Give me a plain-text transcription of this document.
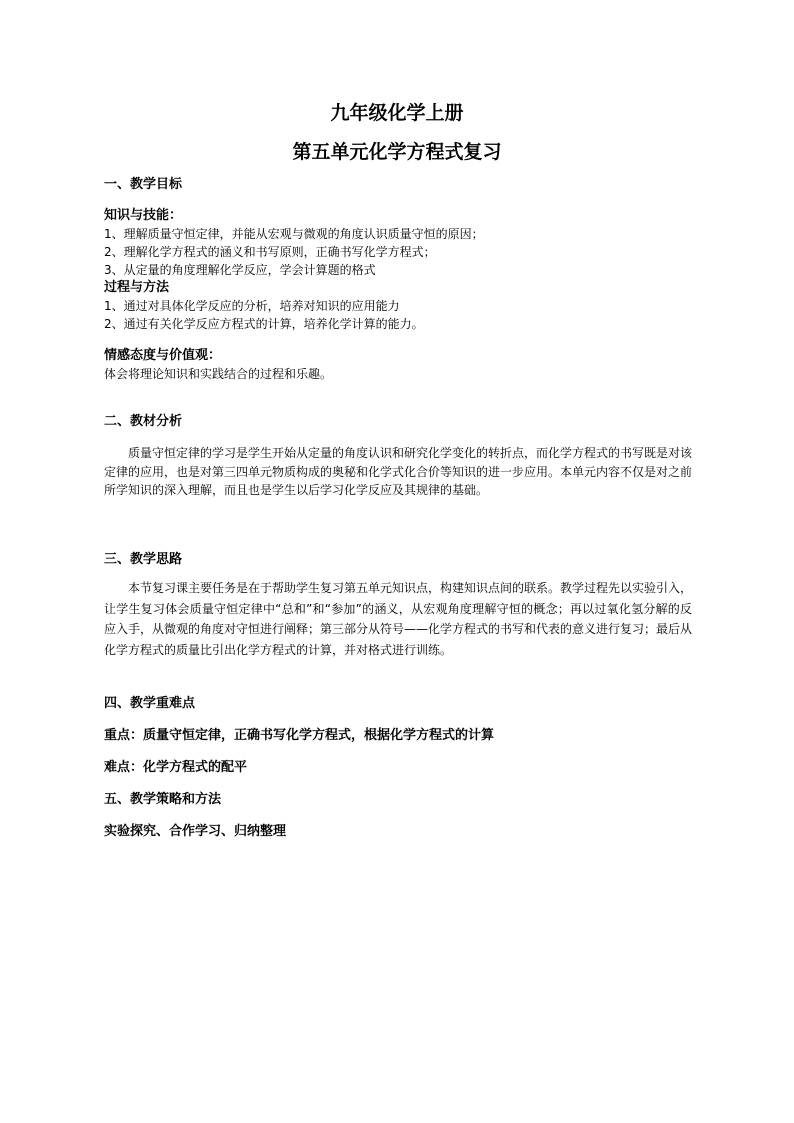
九年级化学上册
第五单元化学方程式复习
一、教学目标
知识与技能：
1、理解质量守恒定律，并能从宏观与微观的角度认识质量守恒的原因；
2、理解化学方程式的涵义和书写原则，正确书写化学方程式；
3、从定量的角度理解化学反应，学会计算题的格式
过程与方法
1、通过对具体化学反应的分析，培养对知识的应用能力
2、通过有关化学反应方程式的计算，培养化学计算的能力。
情感态度与价值观：
体会将理论知识和实践结合的过程和乐趣。
二、教材分析

质量守恒定律的学习是学生开始从定量的角度认识和研究化学变化的转折点，而化学方程式的书写既是对该定律的应用，也是对第三四单元物质构成的奥秘和化学式化合价等知识的进一步应用。本单元内容不仅是对之前所学知识的深入理解，而且也是学生以后学习化学反应及其规律的基础。

三、教学思路

本节复习课主要任务是在于帮助学生复习第五单元知识点，构建知识点间的联系。教学过程先以实验引入，让学生复习体会质量守恒定律中“总和”和“参加”的涵义，从宏观角度理解守恒的概念；再以过氧化氢分解的反应入手，从微观的角度对守恒进行阐释；第三部分从符号——化学方程式的书写和代表的意义进行复习；最后从化学方程式的质量比引出化学方程式的计算，并对格式进行训练。

四、教学重难点
重点：质量守恒定律，正确书写化学方程式，根据化学方程式的计算
难点：化学方程式的配平
五、教学策略和方法
实验探究、合作学习、归纳整理
